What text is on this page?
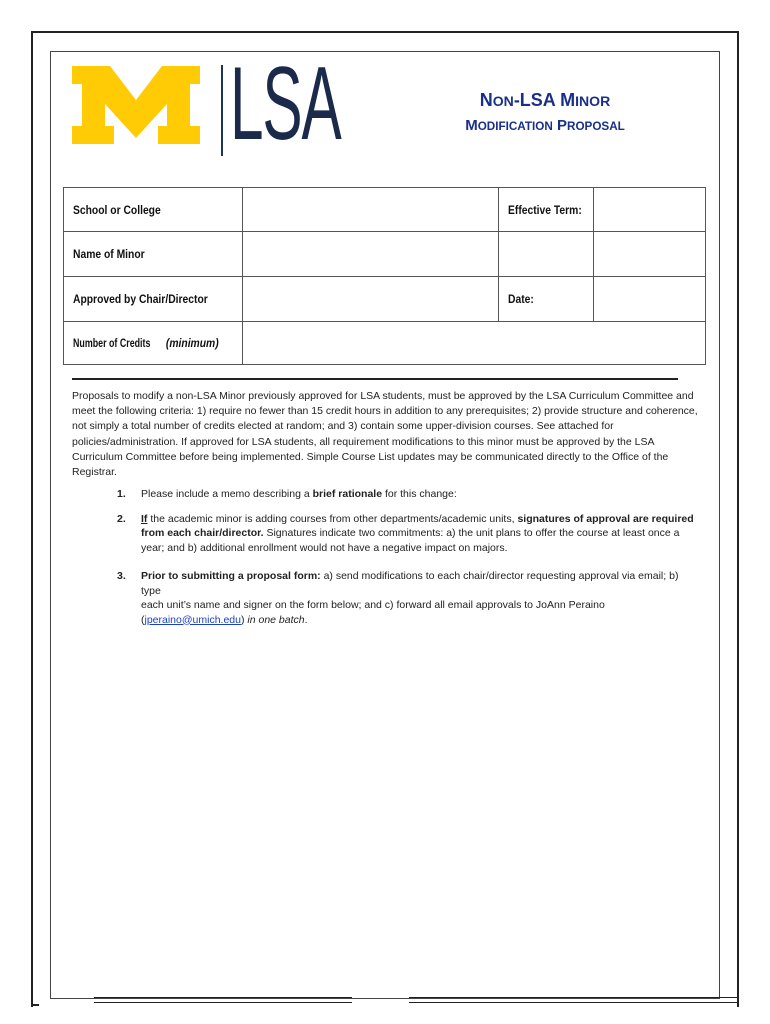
LSA	NON-LSA MINOR
MODIFICATION PROPOSAL
School or College		Effective Term:	
Name of Minor			
Approved by Chair/Director		Date:	
Number of Credits (minimum)			
Proposals to modify a non-LSA Minor previously approved for LSA students, must be approved by the LSA Curriculum Committee and
meet the following criteria: 1) require no fewer than 15 credit hours in addition to any prerequisites; 2) provide structure and coherence,
not simply a total number of credits elected at random; and 3) contain some upper-division courses. See attached for
policies/administration. If approved for LSA students, all requirement modifications to this minor must be approved by the LSA
Curriculum Committee before being implemented. Simple Course List updates may be communicated directly to the Office of the
Registrar.
1. Please include a memo describing a brief rationale for this change:
2. If the academic minor is adding courses from other departments/academic units, signatures of approval are required
from each chair/director. Signatures indicate two commitments: a) the unit plans to offer the course at least once a
year; and b) additional enrollment would not have a negative impact on majors.
3. Prior to submitting a proposal form: a) send modifications to each chair/director requesting approval via email; b) type
each unit’s name and signer on the form below; and c) forward all email approvals to JoAnn Peraino
(jperaino@umich.edu) in one batch.
